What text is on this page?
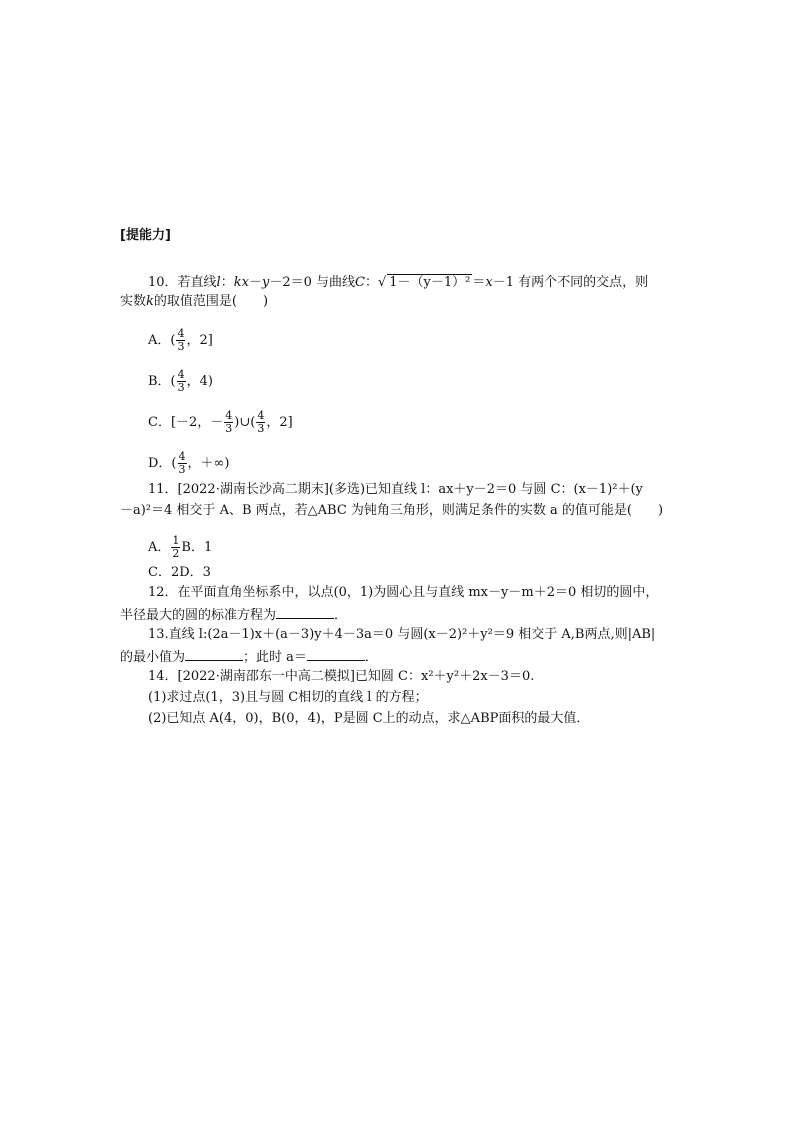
[提能力]
10．若直线l：kx－y－2＝0 与曲线C：√ 1－（y－1）² ＝x－1 有两个不同的交点，则
实数k的取值范围是( )
A．( $\frac{4}{3}$ ，2]
B．( $\frac{4}{3}$ ，4)
C．[－2，－ $\frac{4}{3}$ )∪( $\frac{4}{3}$ ，2]
D．( $\frac{4}{3}$ ，＋∞)
11．[2022·湖南长沙高二期末](多选)已知直线 l：ax＋y－2＝0 与圆 C：(x－1)²＋(y
－a)²＝4 相交于 A、B 两点，若△ABC 为钝角三角形，则满足条件的实数 a 的值可能是( )
A． $\frac{1}{2}$ B．1
C．2D．3
12．在平面直角坐标系中，以点(0，1)为圆心且与直线 mx－y－m＋2＝0 相切的圆中，
半径最大的圆的标准方程为	．
13.直线 l:(2a－1)x＋(a－3)y＋4－3a＝0 与圆(x－2)²＋y²＝9 相交于 A,B两点,则|AB|
的最小值为	；此时 a＝	．
14．[2022·湖南邵东一中高二模拟]已知圆 C：x²＋y²＋2x－3＝0.
(1)求过点(1，3)且与圆 C相切的直线 l 的方程；
(2)已知点 A(4，0)，B(0，4)，P是圆 C上的动点，求△ABP面积的最大值．
